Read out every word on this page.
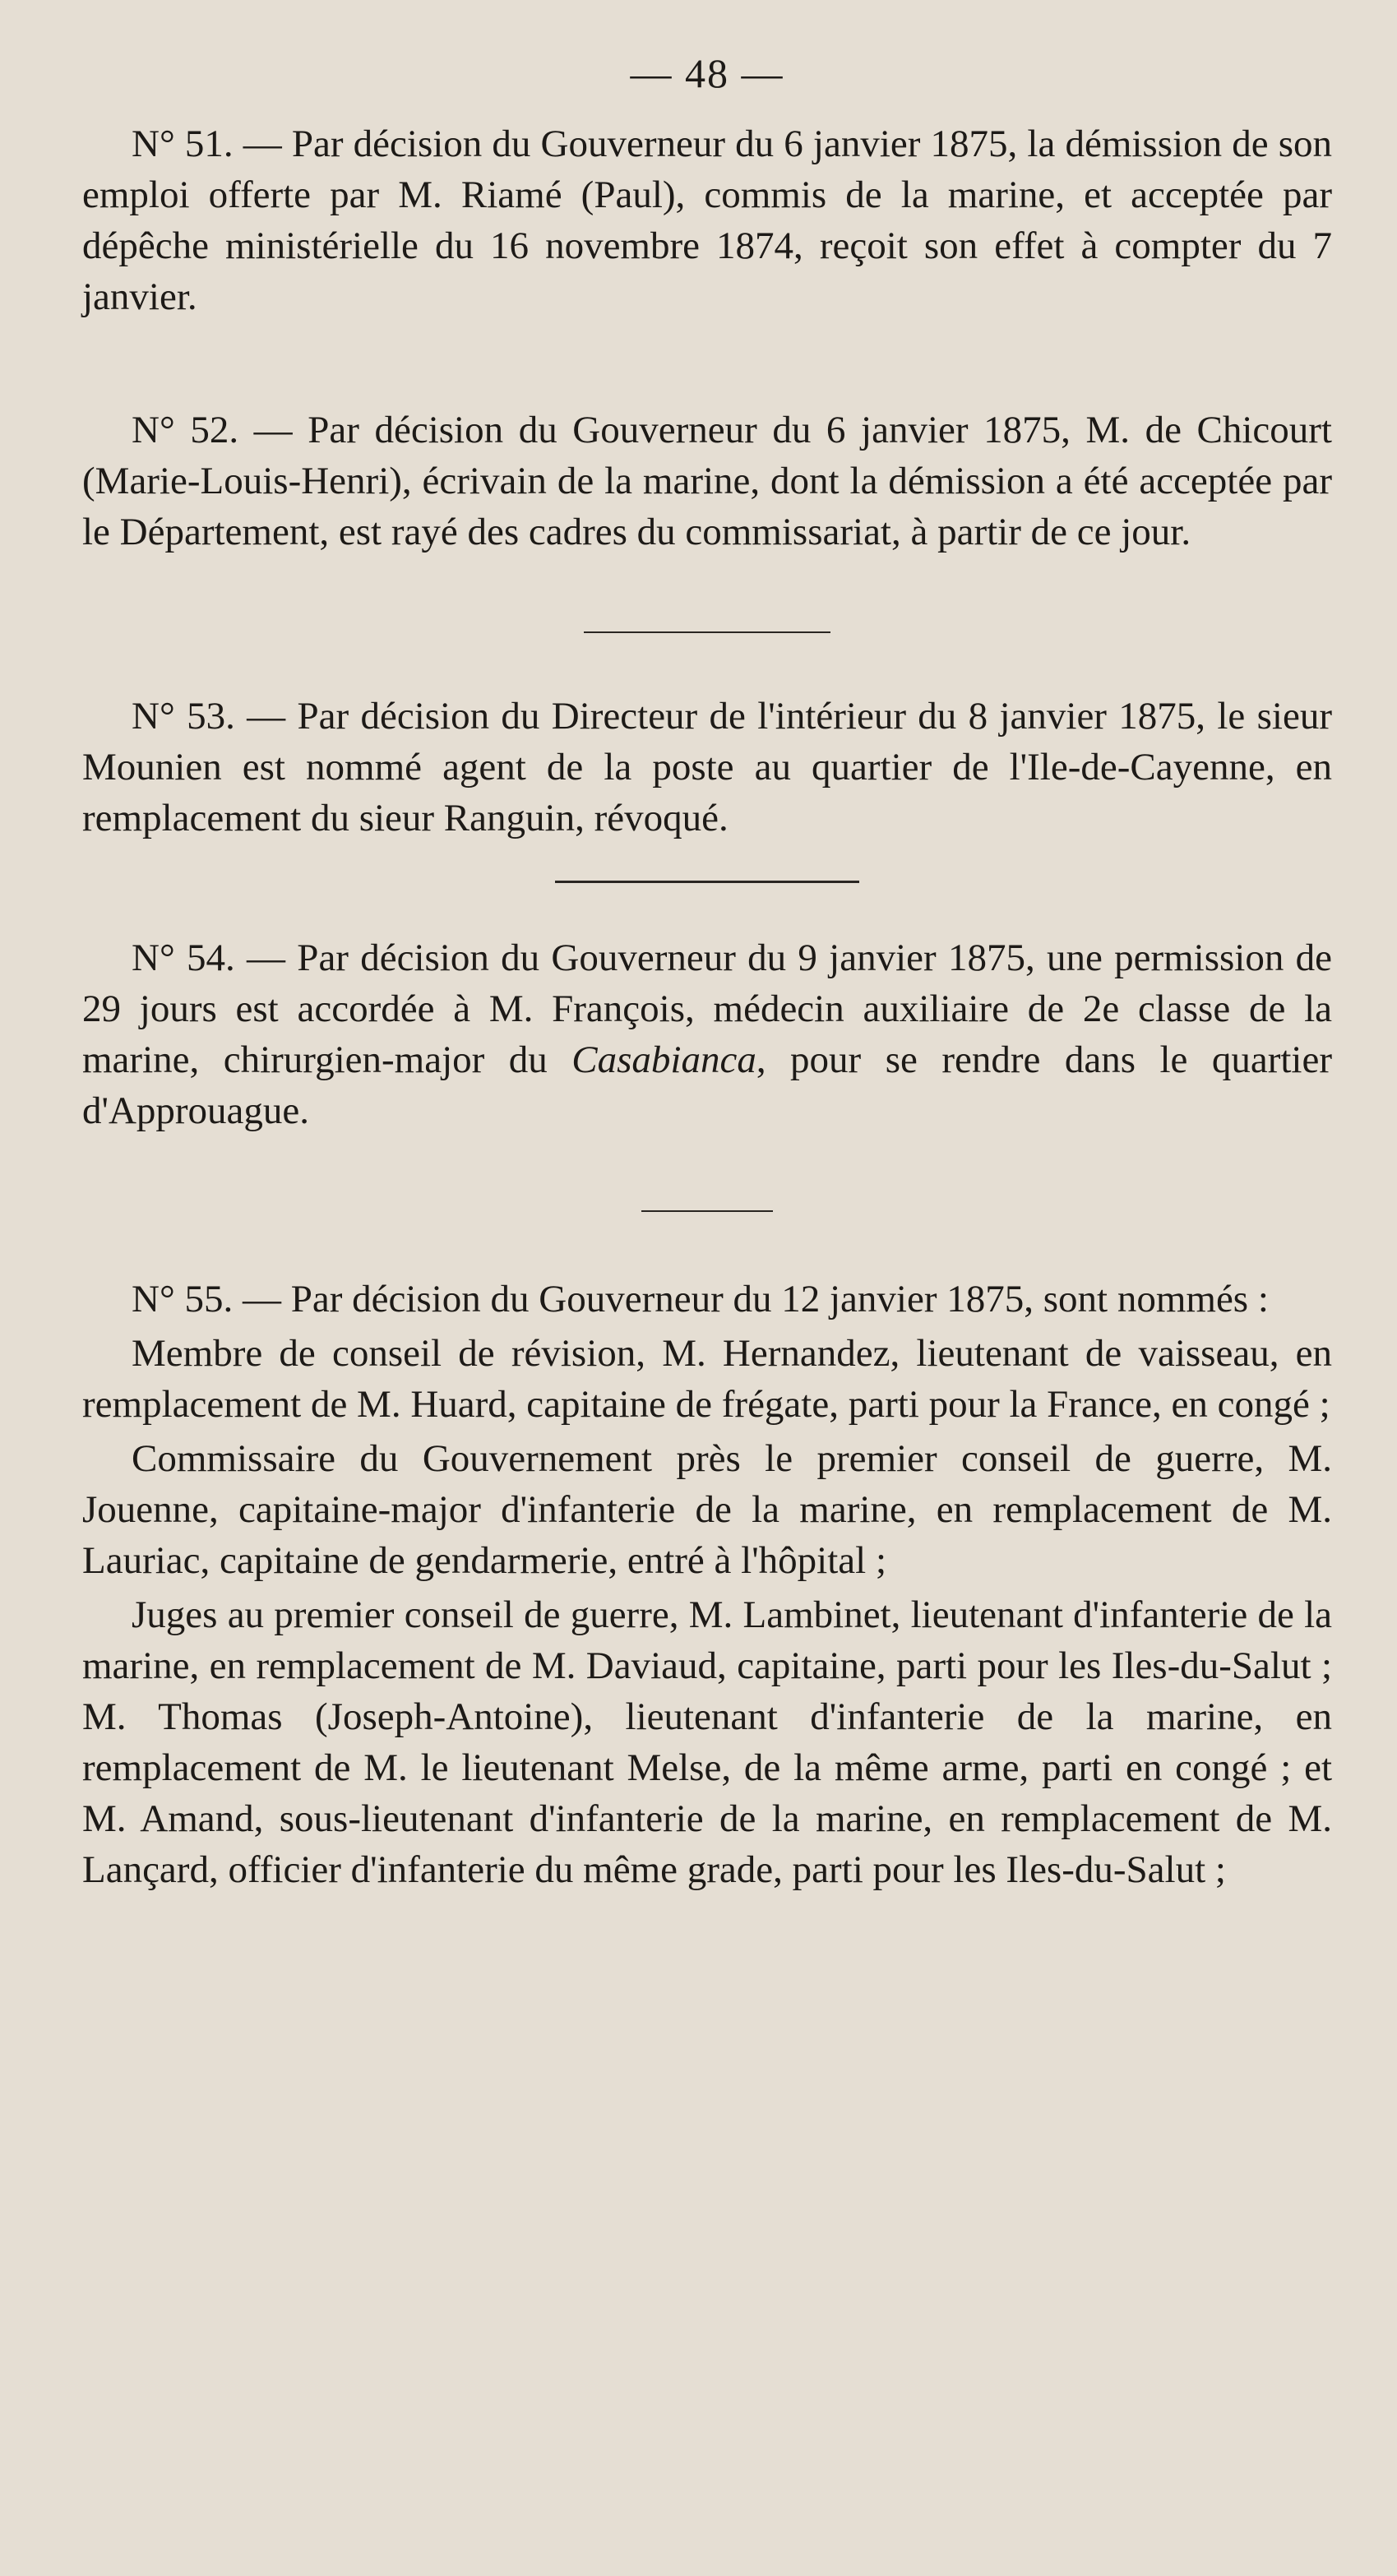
— 48 —

N° 51. — Par décision du Gouverneur du 6 janvier 1875, la démission de son emploi offerte par M. Riamé (Paul), commis de la marine, et acceptée par dépêche ministérielle du 16 novembre 1874, reçoit son effet à compter du 7 janvier.

N° 52. — Par décision du Gouverneur du 6 janvier 1875, M. de Chicourt (Marie-Louis-Henri), écrivain de la marine, dont la démission a été acceptée par le Département, est rayé des cadres du commissariat, à partir de ce jour.

N° 53. — Par décision du Directeur de l'intérieur du 8 janvier 1875, le sieur Mounien est nommé agent de la poste au quartier de l'Ile-de-Cayenne, en remplacement du sieur Ranguin, révoqué.

N° 54. — Par décision du Gouverneur du 9 janvier 1875, une permission de 29 jours est accordée à M. François, médecin auxiliaire de 2e classe de la marine, chirurgien-major du Casabianca, pour se rendre dans le quartier d'Approuague.

N° 55. — Par décision du Gouverneur du 12 janvier 1875, sont nommés :

Membre de conseil de révision, M. Hernandez, lieutenant de vaisseau, en remplacement de M. Huard, capitaine de frégate, parti pour la France, en congé ;

Commissaire du Gouvernement près le premier conseil de guerre, M. Jouenne, capitaine-major d'infanterie de la marine, en remplacement de M. Lauriac, capitaine de gendarmerie, entré à l'hôpital ;

Juges au premier conseil de guerre, M. Lambinet, lieutenant d'infanterie de la marine, en remplacement de M. Daviaud, capitaine, parti pour les Iles-du-Salut ; M. Thomas (Joseph-Antoine), lieutenant d'infanterie de la marine, en remplacement de M. le lieutenant Melse, de la même arme, parti en congé ; et M. Amand, sous-lieutenant d'infanterie de la marine, en remplacement de M. Lançard, officier d'infanterie du même grade, parti pour les Iles-du-Salut ;
